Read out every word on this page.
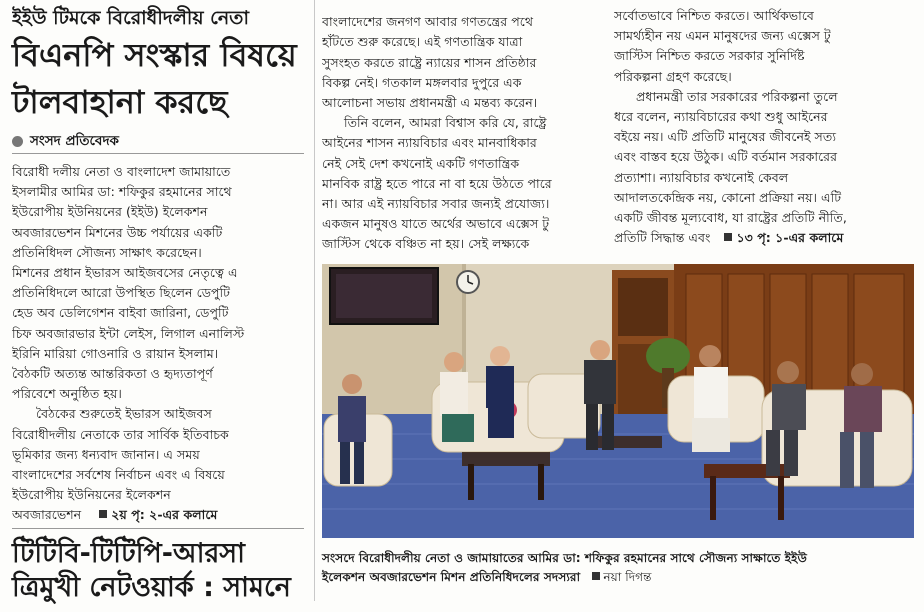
ইইউ টিমকে বিরোধীদলীয় নেতা
বিএনপি সংস্কার বিষয়ে
টালবাহানা করছে
সংসদ প্রতিবেদক
বিরোধী দলীয় নেতা ও বাংলাদেশ জামায়াতে
ইসলামীর আমির ডা: শফিকুর রহমানের সাথে
ইউরোপীয় ইউনিয়নের (ইইউ) ইলেকশন
অবজারভেশন মিশনের উচ্চ পর্যায়ের একটি
প্রতিনিধিদল সৌজন্য সাক্ষাৎ করেছেন।
মিশনের প্রধান ইভারস আইজবসের নেতৃত্বে এ
প্রতিনিধিদলে আরো উপস্থিত ছিলেন ডেপুটি
হেড অব ডেলিগেশন বাইবা জারিনা, ডেপুটি
চিফ অবজারভার ইন্টা লেইস, লিগাল এনালিস্ট
ইরিনি মারিয়া গোওনারি ও রায়ান ইসলাম।
বৈঠকটি অত্যন্ত আন্তরিকতা ও হৃদ্যতাপূর্ণ
পরিবেশে অনুষ্ঠিত হয়।
বৈঠকের শুরুতেই ইভারস আইজবস
বিরোধীদলীয় নেতাকে তার সার্বিক ইতিবাচক
ভূমিকার জন্য ধন্যবাদ জানান। এ সময়
বাংলাদেশের সর্বশেষ নির্বাচন এবং এ বিষয়ে
ইউরোপীয় ইউনিয়নের ইলেকশন
অবজারভেশন ২য় পৃ: ২-এর কলামে
টিটিবি-টিটিপি-আরসা
ত্রিমুখী নেটওয়ার্ক : সামনে
বাংলাদেশের জনগণ আবার গণতন্ত্রের পথে
হাঁটতে শুরু করেছে। এই গণতান্ত্রিক যাত্রা
সুসংহত করতে রাষ্ট্রে ন্যায়ের শাসন প্রতিষ্ঠার
বিকল্প নেই। গতকাল মঙ্গলবার দুপুরে এক
আলোচনা সভায় প্রধানমন্ত্রী এ মন্তব্য করেন।
তিনি বলেন, আমরা বিশ্বাস করি যে, রাষ্ট্রে
আইনের শাসন ন্যায়বিচার এবং মানবাধিকার
নেই সেই দেশ কখনোই একটি গণতান্ত্রিক
মানবিক রাষ্ট্র হতে পারে না বা হয়ে উঠতে পারে
না। আর এই ন্যায়বিচার সবার জন্যই প্রযোজ্য।
একজন মানুষও যাতে অর্থের অভাবে এক্সেস টু
জাস্টিস থেকে বঞ্চিত না হয়। সেই লক্ষ্যকে
সর্বোতভাবে নিশ্চিত করতে। আর্থিকভাবে
সামর্থ্যহীন নয় এমন মানুষদের জন্য এক্সেস টু
জাস্টিস নিশ্চিত করতে সরকার সুনির্দিষ্ট
পরিকল্পনা গ্রহণ করেছে।
প্রধানমন্ত্রী তার সরকারের পরিকল্পনা তুলে
ধরে বলেন, ন্যায়বিচারের কথা শুধু আইনের
বইয়ে নয়। এটি প্রতিটি মানুষের জীবনেই সত্য
এবং বাস্তব হয়ে উঠুক। এটি বর্তমান সরকারের
প্রত্যাশা। ন্যায়বিচার কখনোই কেবল
আদালতকেন্দ্রিক নয়, কোনো প্রক্রিয়া নয়। এটি
একটি জীবন্ত মূল্যবোধ, যা রাষ্ট্রের প্রতিটি নীতি,
প্রতিটি সিদ্ধান্ত এবং ১৩ পৃ: ১-এর কলামে
সংসদে বিরোধীদলীয় নেতা ও জামায়াতের আমির ডা: শফিকুর রহমানের সাথে সৌজন্য সাক্ষাতে ইইউ
ইলেকশন অবজারভেশন মিশন প্রতিনিধিদলের সদস্যরা নয়া দিগন্ত
